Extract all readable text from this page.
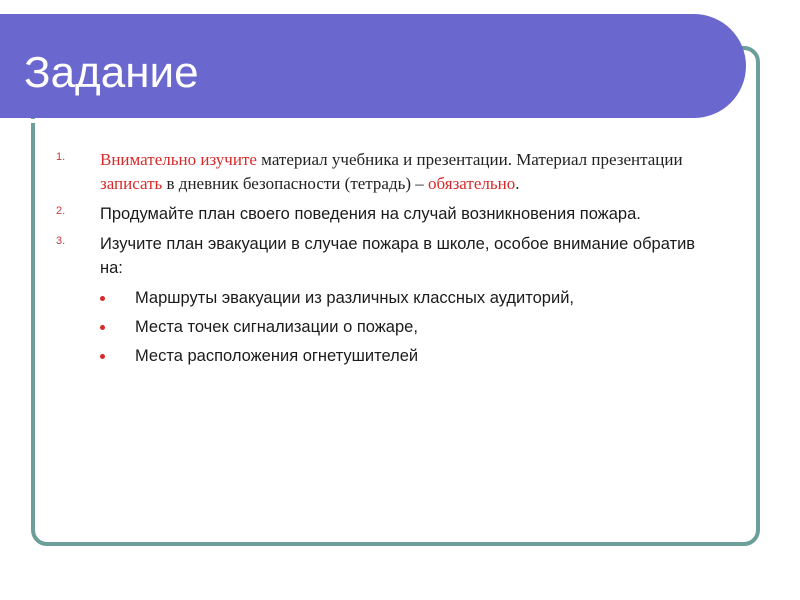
Задание
1. Внимательно изучите материал учебника и презентации. Материал презентации записать в дневник безопасности (тетрадь) – обязательно.
2. Продумайте план своего поведения на случай возникновения пожара.
3. Изучите план эвакуации в случае пожара в школе, особое внимание обратив на:
Маршруты эвакуации из различных классных аудиторий,
Места точек сигнализации о пожаре,
Места расположения огнетушителей
